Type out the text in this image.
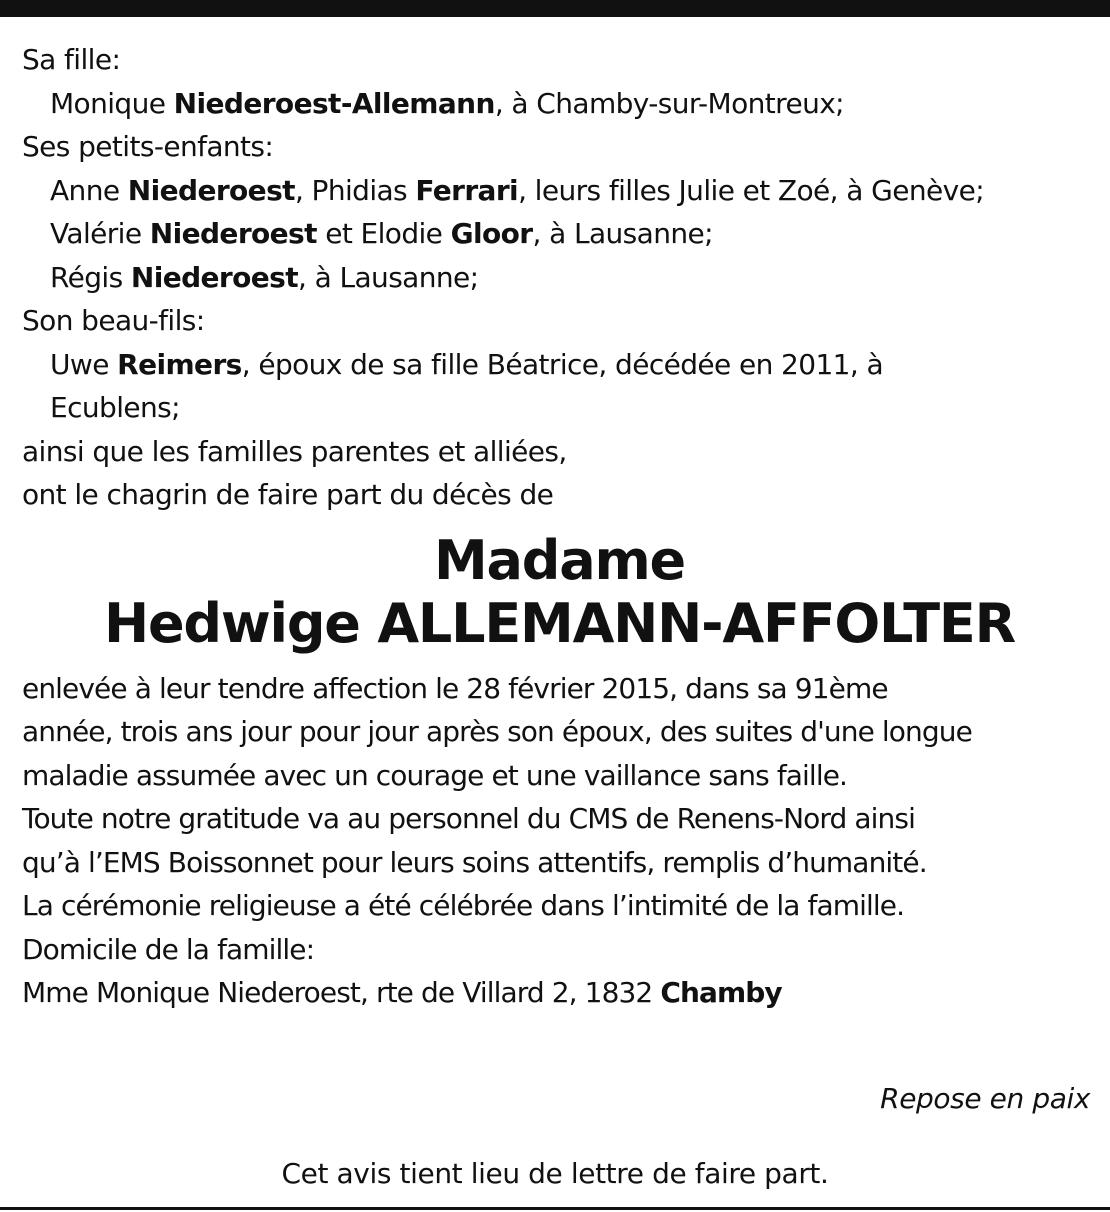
Sa fille:
Monique Niederoest-Allemann, à Chamby-sur-Montreux;
Ses petits-enfants:
Anne Niederoest, Phidias Ferrari, leurs filles Julie et Zoé, à Genève;
Valérie Niederoest et Elodie Gloor, à Lausanne;
Régis Niederoest, à Lausanne;
Son beau-fils:
Uwe Reimers, époux de sa fille Béatrice, décédée en 2011, à
Ecublens;
ainsi que les familles parentes et alliées,
ont le chagrin de faire part du décès de
Madame
Hedwige ALLEMANN-AFFOLTER
enlevée à leur tendre affection le 28 février 2015, dans sa 91ème
année, trois ans jour pour jour après son époux, des suites d'une longue
maladie assumée avec un courage et une vaillance sans faille.
Toute notre gratitude va au personnel du CMS de Renens-Nord ainsi
qu’à l’EMS Boissonnet pour leurs soins attentifs, remplis d’humanité.
La cérémonie religieuse a été célébrée dans l’intimité de la famille.
Domicile de la famille:
Mme Monique Niederoest, rte de Villard 2, 1832 Chamby
Repose en paix
Cet avis tient lieu de lettre de faire part.
